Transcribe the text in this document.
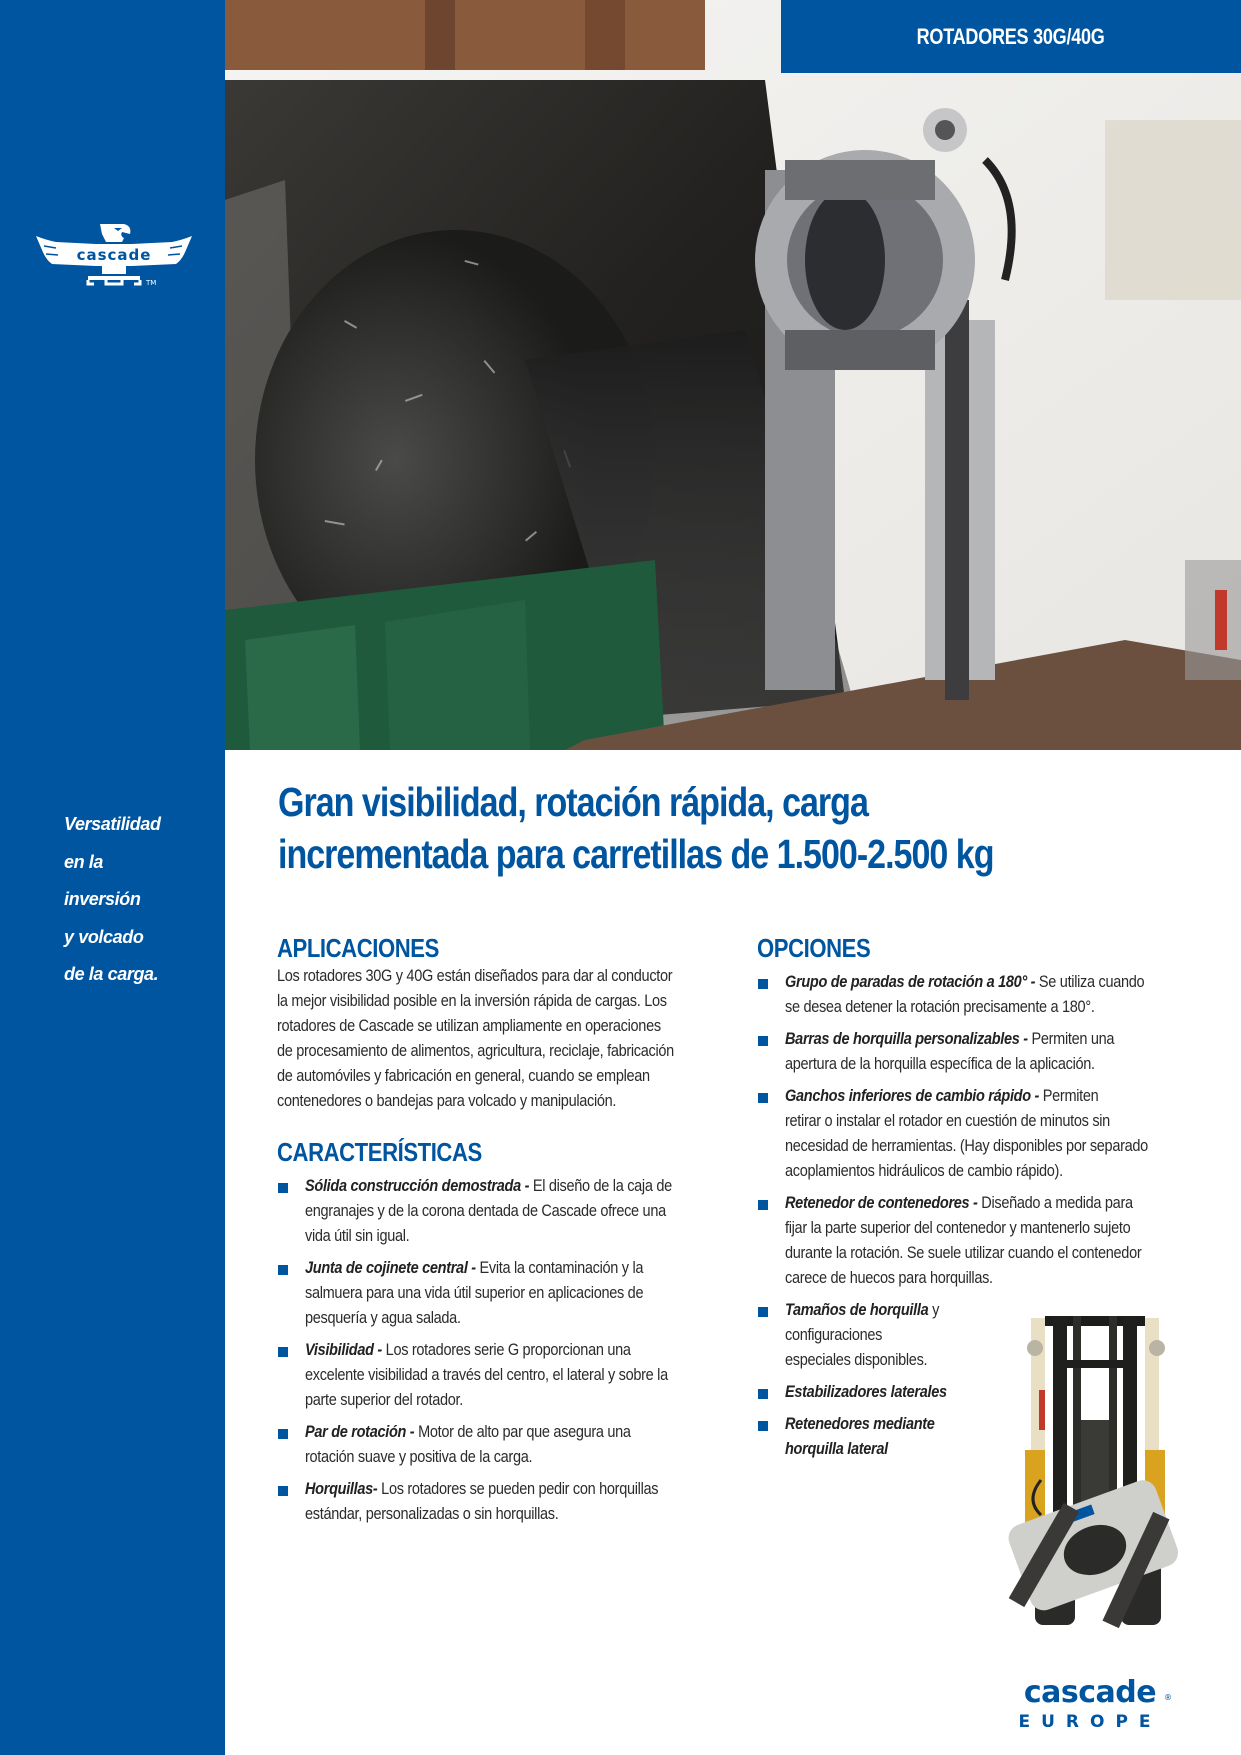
cascade
TM
Versatilidad
en la
inversión
y volcado
de la carga.
ROTADORES 30G/40G
Gran visibilidad, rotación rápida, carga
incrementada para carretillas de 1.500-2.500 kg
APLICACIONES

Los rotadores 30G y 40G están diseñados para dar al conductor
la mejor visibilidad posible en la inversión rápida de cargas. Los
rotadores de Cascade se utilizan ampliamente en operaciones
de procesamiento de alimentos, agricultura, reciclaje, fabricación
de automóviles y fabricación en general, cuando se emplean
contenedores o bandejas para volcado y manipulación.

CARACTERÍSTICAS
Sólida construcción demostrada - El diseño de la caja de
engranajes y de la corona dentada de Cascade ofrece una
vida útil sin igual.
Junta de cojinete central - Evita la contaminación y la
salmuera para una vida útil superior en aplicaciones de
pesquería y agua salada.
Visibilidad - Los rotadores serie G proporcionan una
excelente visibilidad a través del centro, el lateral y sobre la
parte superior del rotador.
Par de rotación - Motor de alto par que asegura una
rotación suave y positiva de la carga.
Horquillas- Los rotadores se pueden pedir con horquillas
estándar, personalizadas o sin horquillas.
OPCIONES
Grupo de paradas de rotación a 180° - Se utiliza cuando
se desea detener la rotación precisamente a 180°.
Barras de horquilla personalizables - Permiten una
apertura de la horquilla específica de la aplicación.
Ganchos inferiores de cambio rápido - Permiten
retirar o instalar el rotador en cuestión de minutos sin
necesidad de herramientas. (Hay disponibles por separado
acoplamientos hidráulicos de cambio rápido).
Retenedor de contenedores - Diseñado a medida para
fijar la parte superior del contenedor y mantenerlo sujeto
durante la rotación. Se suele utilizar cuando el contenedor
carece de huecos para horquillas.
Tamaños de horquilla y
configuraciones
especiales disponibles.
Estabilizadores laterales
Retenedores mediante
horquilla lateral
cascade ®
EUROPE
